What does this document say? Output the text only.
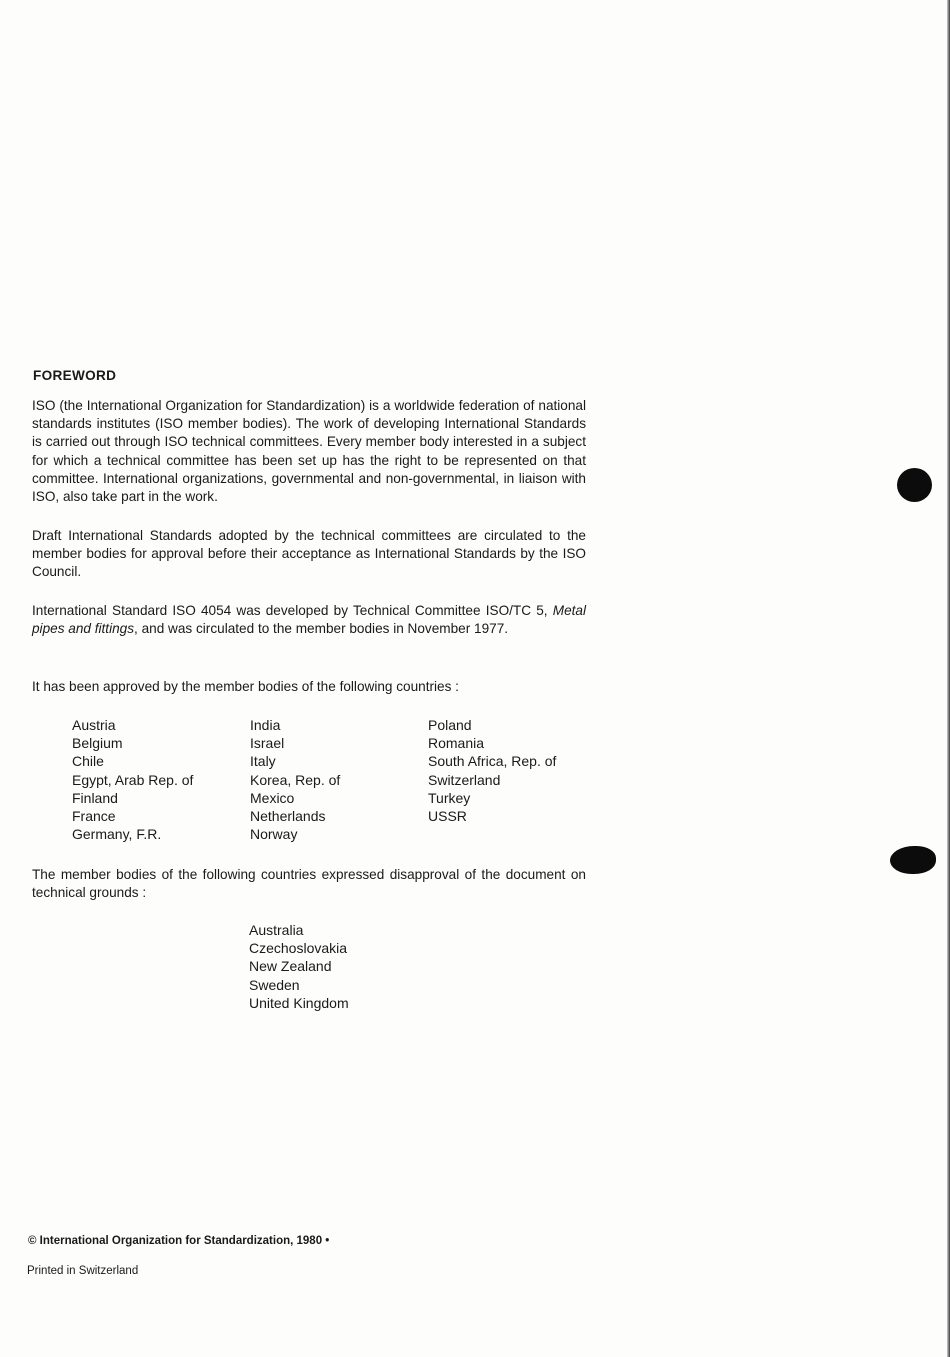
FOREWORD
ISO (the International Organization for Standardization) is a worldwide federation of national standards institutes (ISO member bodies). The work of developing International Standards is carried out through ISO technical committees. Every member body interested in a subject for which a technical committee has been set up has the right to be represented on that committee. International organizations, governmental and non-governmental, in liaison with ISO, also take part in the work.
Draft International Standards adopted by the technical committees are circulated to the member bodies for approval before their acceptance as International Standards by the ISO Council.
International Standard ISO 4054 was developed by Technical Committee ISO/TC 5, Metal pipes and fittings, and was circulated to the member bodies in November 1977.
It has been approved by the member bodies of the following countries :
Austria
Belgium
Chile
Egypt, Arab Rep. of
Finland
France
Germany, F.R.
India
Israel
Italy
Korea, Rep. of
Mexico
Netherlands
Norway
Poland
Romania
South Africa, Rep. of
Switzerland
Turkey
USSR
The member bodies of the following countries expressed disapproval of the document on technical grounds :
Australia
Czechoslovakia
New Zealand
Sweden
United Kingdom
© International Organization for Standardization, 1980 •
Printed in Switzerland
